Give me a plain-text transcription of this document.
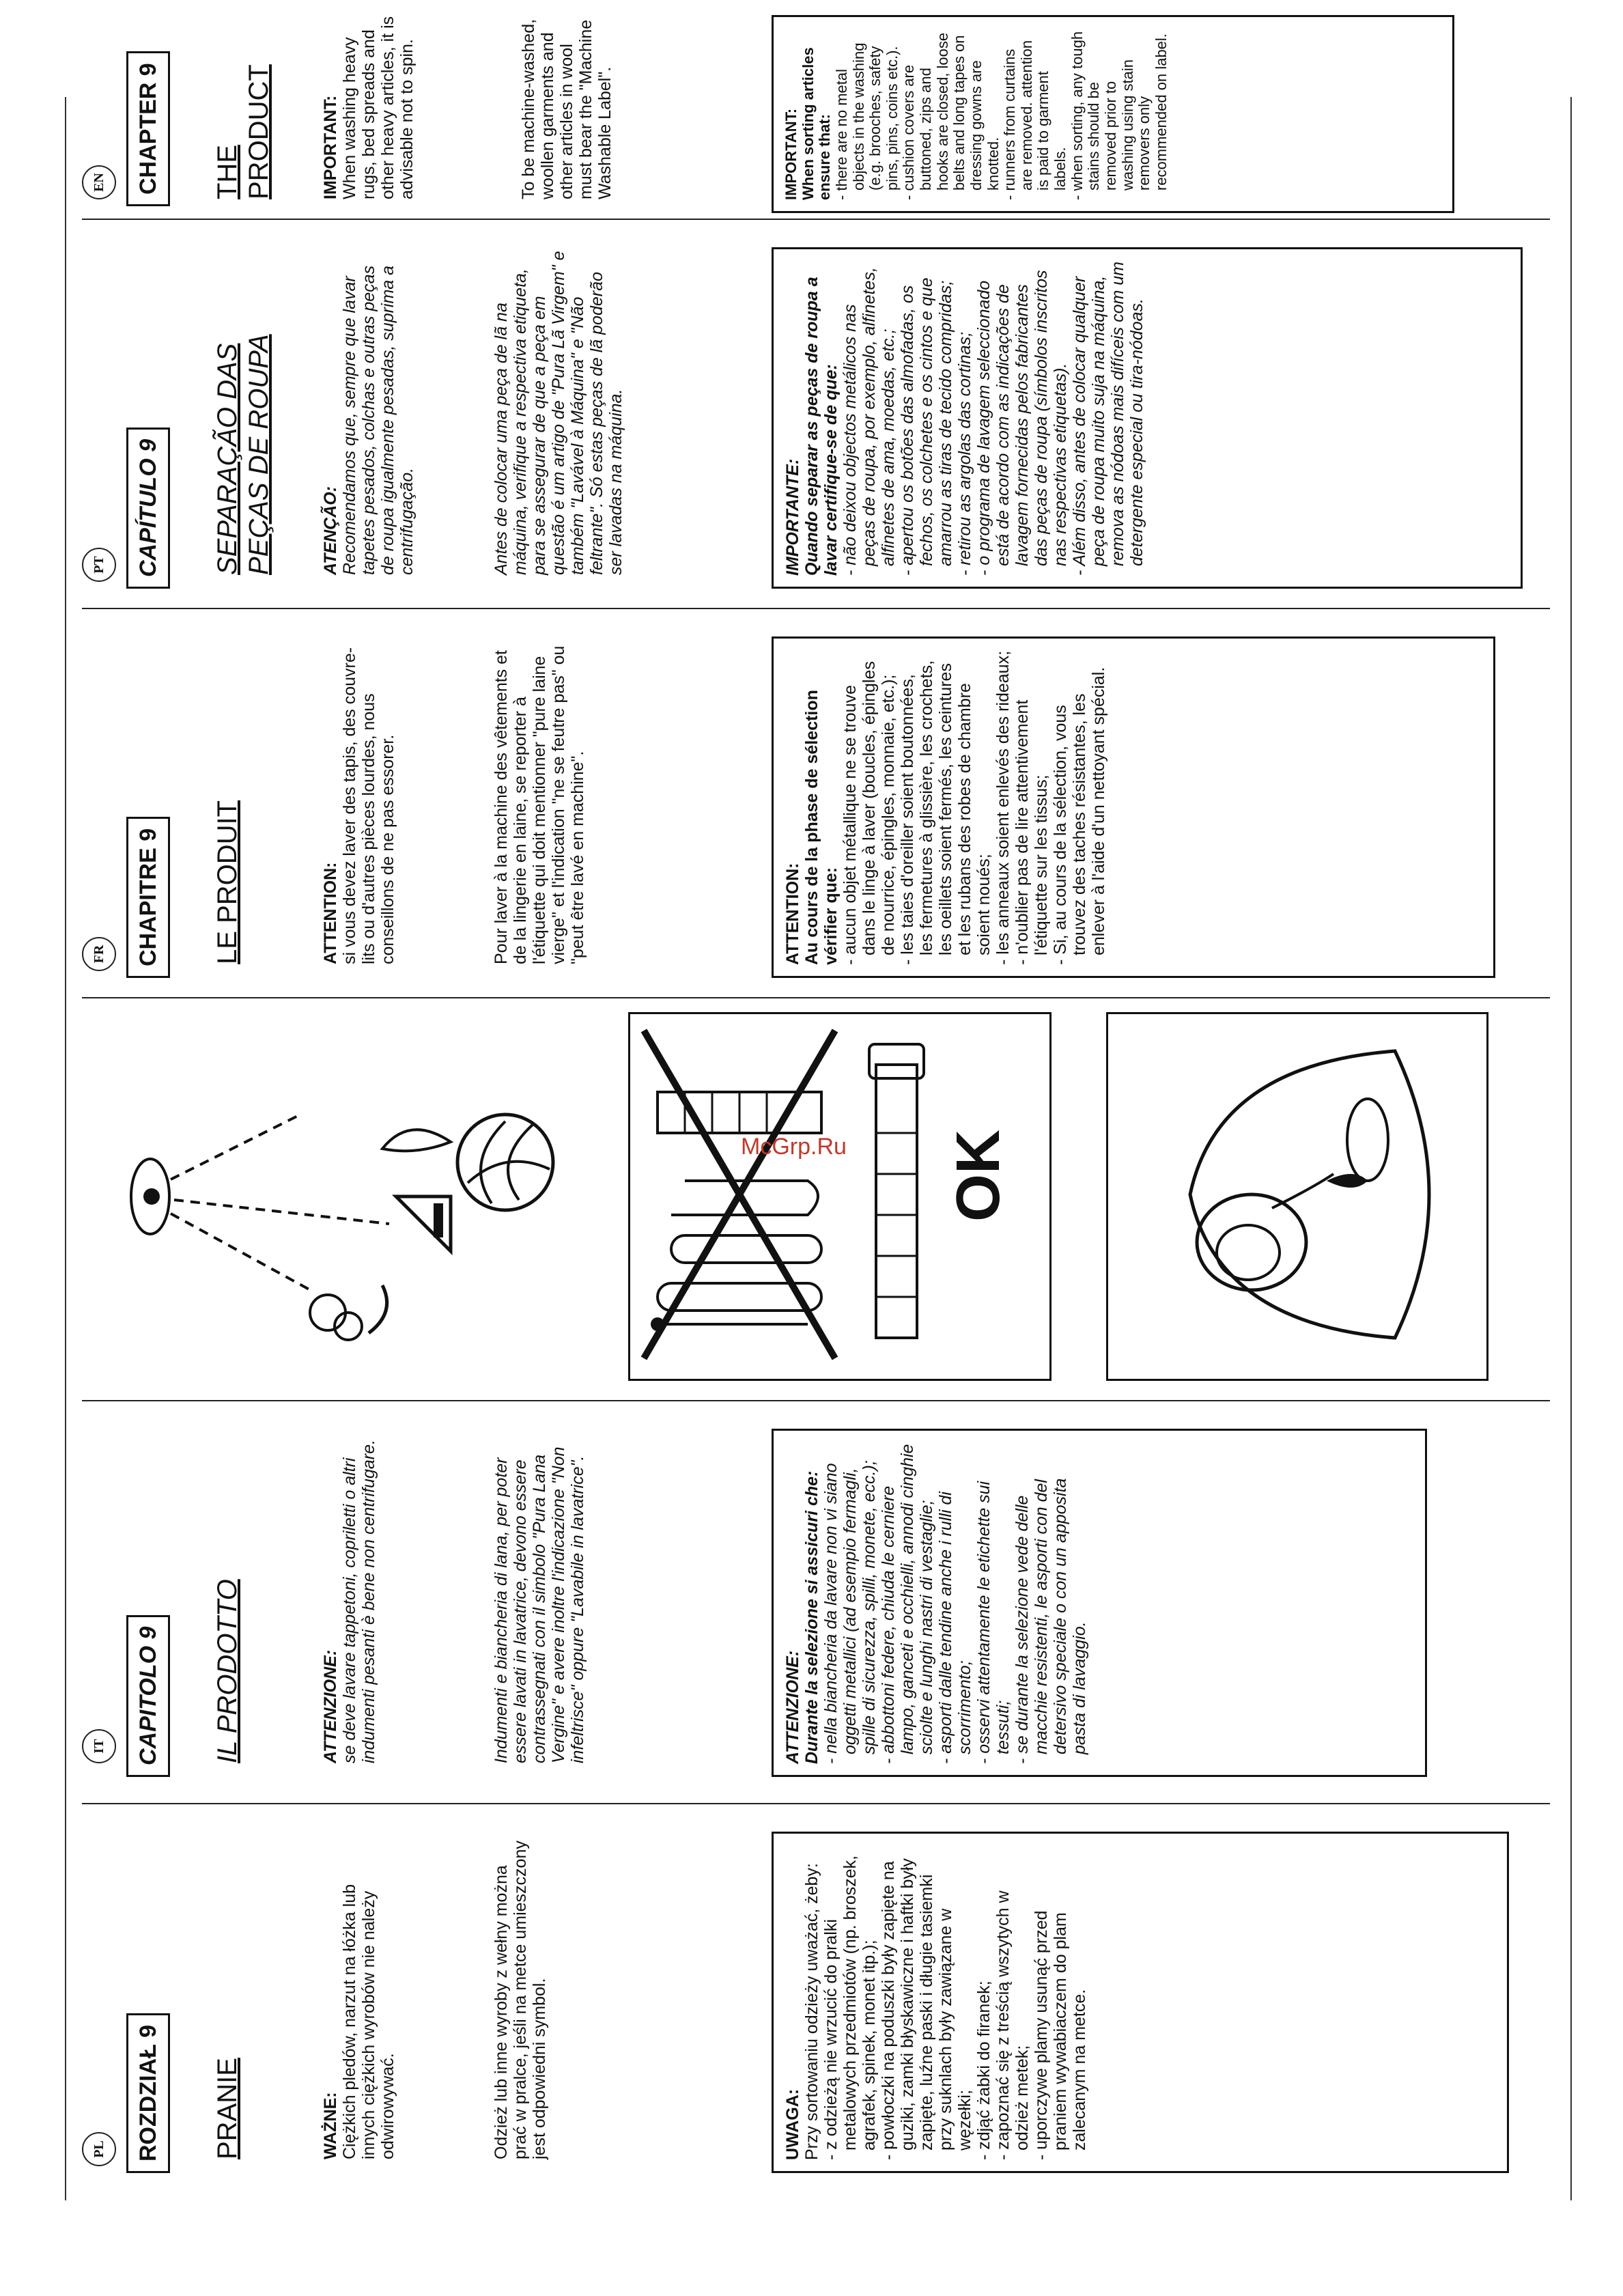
PL	ROZDZIAŁ 9	PRANIE	WAŻNE: Ciężkich pledów, narzut na łóżka lub innych ciężkich wyrobów nie należy odwirowywać.	Odzież lub inne wyroby z wełny można prać w pralce, jeśli na metce umieszczony jest odpowiedni symbol.	UWAGA: Przy sortowaniu odzieży uważać, żeby: - z odzieżą nie wrzucić do pralki metalowych przedmiotów (np. broszek, agrafek, spinek, monet itp.); - powłoczki na poduszki były zapięte na guziki, zamki błyskawiczne i haftki były zapięte, luźne paski i długie tasiemki przy suknlach były zawiązane w węzełki; - zdjąć żabki do firanek; - zapoznać się z treścią wszytych w odzież metek; - uporczywe plamy usunąć przed praniem wywabiaczem do plam zalecanym na metce.
IT	CAPITOLO 9	IL PRODOTTO	ATTENZIONE: se deve lavare tappetoni, copriletti o altri indumenti pesanti è bene non centrifugare.	Indumenti e biancheria di lana, per poter essere lavati in lavatrice, devono essere contrassegnati con il simbolo "Pura Lana Vergine" e avere inoltre l'indicazione "Non infeltrisce" oppure "Lavabile in lavatrice".	ATTENZIONE: Durante la selezione si assicuri che: - nella biancheria da lavare non vi siano oggetti metallici (ad esempio fermagli, spille di sicurezza, spilli, monete, ecc.); - abbottoni federe, chiuda le cerniere lampo, ganceti e occhielli, annodi cinghie sciolte e lunghi nastri di vestaglie; - asporti dalle tendine anche i rulli di scorrimento; - osservi attentamente le etichette sui tessuti; - se durante la selezione vede delle macchie resistenti, le asporti con del detersivo speciale o con un apposita pasta di lavaggio.
OK
FR	CHAPITRE 9	LE PRODUIT	ATTENTION: si vous devez laver des tapis, des couvre-lits ou d'autres pièces lourdes, nous conseillons de ne pas essorer.	Pour laver à la machine des vêtements et de la lingerie en laine, se reporter à l'étiquette qui doit mentionner "pure laine vierge" et l'indication "ne se feutre pas" ou "peut être lavé en machine".	ATTENTION: Au cours de la phase de sélection vérifier que: - aucun objet métallique ne se trouve dans le linge à laver (boucles, épingles de nourrice, épingles, monnaie, etc.); - les taies d'oreiller soient boutonnées, les fermetures à glissière, les crochets, les oeillets soient fermés, les ceintures et les rubans des robes de chambre soient noués; - les anneaux soient enlevés des rideaux; - n'oublier pas de lire attentivement l'étiquette sur les tissus; - Si, au cours de la sélection, vous trouvez des taches résistantes, les enlever à l'aide d'un nettoyant spécial.
PT	CAPÍTULO 9	SEPARAÇÃO DAS PEÇAS DE ROUPA	ATENÇÃO: Recomendamos que, sempre que lavar tapetes pesados, colchas e outras peças de roupa igualmente pesadas, suprima a centrifugação.	Antes de colocar uma peça de lã na máquina, verifique a respectiva etiqueta, para se assegurar de que a peça em questão é um artigo de "Pura Lã Virgem" e também "Lavável à Máquina" e "Não feltrante". Só estas peças de lã poderão ser lavadas na máquina.	IMPORTANTE: Quando separar as peças de roupa a lavar certifique-se de que: - não deixou objectos metálicos nas peças de roupa, por exemplo, alfinetes, alfinetes de ama, moedas, etc.; - apertou os botões das almofadas, os fechos, os colchetes e os cintos e que amarrou as tiras de tecido compridas; - retirou as argolas das cortinas; - o programa de lavagem seleccionado está de acordo com as indicações de lavagem fornecidas pelos fabricantes das peças de roupa (símbolos inscritos nas respectivas etiquetas). - Além disso, antes de colocar qualquer peça de roupa muito suja na máquina, remova as nódoas mais difíceis com um detergente especial ou tira-nódoas.
EN	CHAPTER 9	THE PRODUCT	IMPORTANT: When washing heavy rugs, bed spreads and other heavy articles, it is advisable not to spin.	To be machine-washed, woollen garments and other articles in wool must bear the "Machine Washable Label".	IMPORTANT: When sorting articles ensure that: - there are no metal objects in the washing (e.g. brooches, safety pins, pins, coins etc.). - cushion covers are buttoned, zips and hooks are closed, loose belts and long tapes on dressing gowns are knotted. - runners from curtains are removed. attention is paid to garment labels. - when sorting, any tough stains should be removed prior to washing using stain removers only recommended on label.
McGrp.Ru
